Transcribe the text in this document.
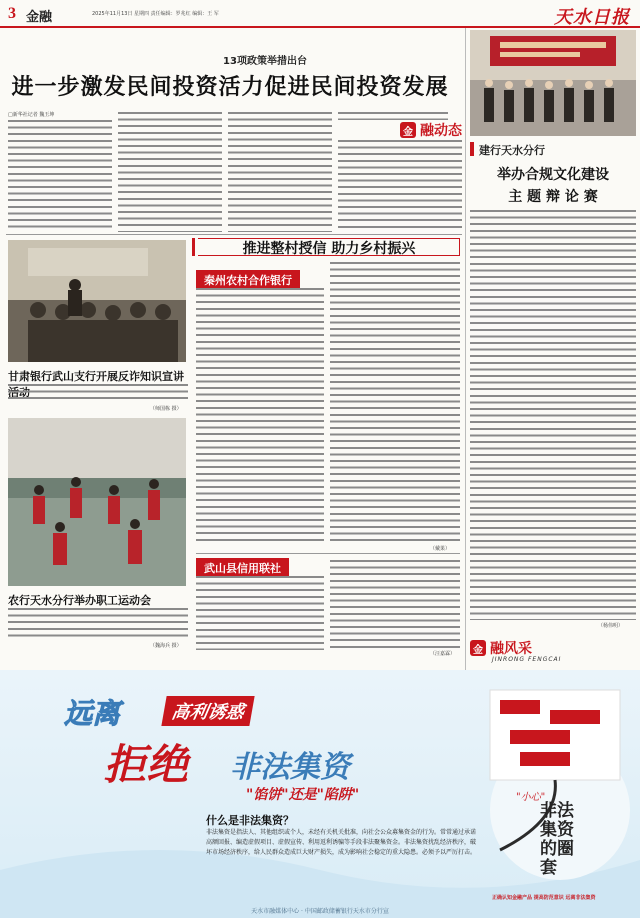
3 金融	2025年11月13日 星期四 责任编辑：罗兆红 编辑：王 军	天水日报
13项政策举措出台
进一步激发民间投资活力促进民间投资发展
□新华社记者 魏玉坤
金 融动态
甘肃银行武山支行开展反诈知识宣讲活动
（师国栋 摄）
农行天水分行举办职工运动会
（魏海兵 摄）
推进整村授信 助力乡村振兴
秦州农村合作银行
（戴果）
武山县信用联社
（汪嘉霖）
建行天水分行
举办合规文化建设
主 题 辩 论 赛
（杨伟明）
金 融风采
JINRONG FENGCAI
远离	高利诱惑
拒绝 非法集资
"馅饼"还是"陷阱"
什么是非法集资？
非法集资是指法人、其他组织或个人，未经有关机关批准，向社会公众募集资金的行为。常常通过承诺高额回报、编造虚假项目、虚假宣传、利用返利诱骗等手段非法聚集资金。非法集资扰乱经济秩序，破坏市场经济秩序，给人民群众造成巨大财产损失，成为影响社会稳定的重大隐患。必须予以严厉打击。
"小心"
非法集资的圈套
正确认知金融产品 提高防范意识 远离非法集资
天水市融媒体中心 · 中国邮政储蓄银行天水市分行宣
